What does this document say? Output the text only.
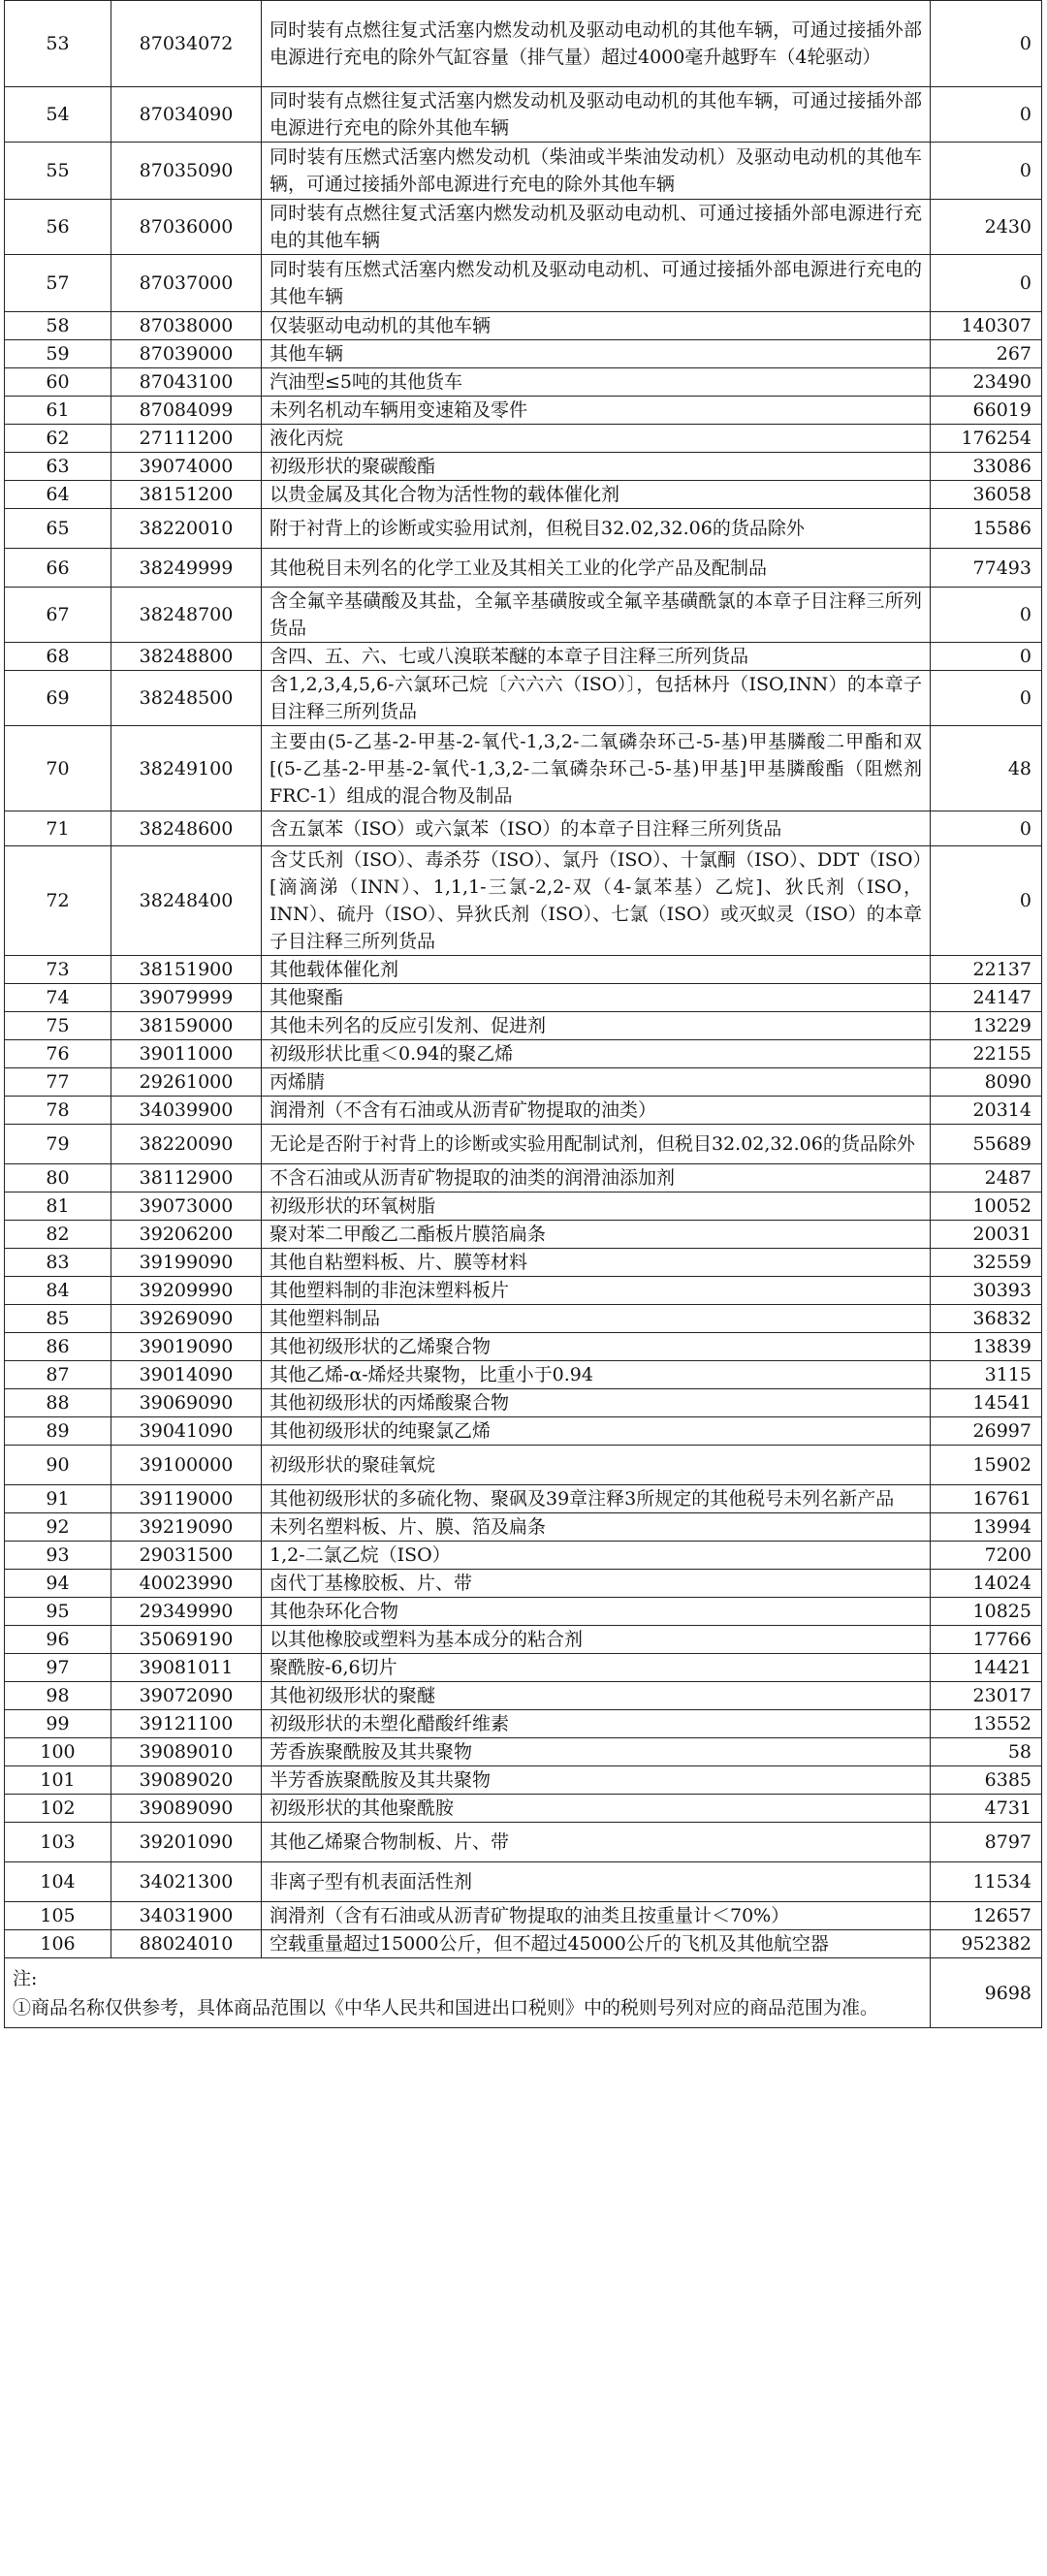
53	87034072	同时装有点燃往复式活塞内燃发动机及驱动电动机的其他车辆，可通过接插外部电源进行充电的除外气缸容量（排气量）超过4000毫升越野车（4轮驱动）	0
54	87034090	同时装有点燃往复式活塞内燃发动机及驱动电动机的其他车辆，可通过接插外部电源进行充电的除外其他车辆	0
55	87035090	同时装有压燃式活塞内燃发动机（柴油或半柴油发动机）及驱动电动机的其他车辆，可通过接插外部电源进行充电的除外其他车辆	0
56	87036000	同时装有点燃往复式活塞内燃发动机及驱动电动机、可通过接插外部电源进行充电的其他车辆	2430
57	87037000	同时装有压燃式活塞内燃发动机及驱动电动机、可通过接插外部电源进行充电的其他车辆	0
58	87038000	仅装驱动电动机的其他车辆	140307
59	87039000	其他车辆	267
60	87043100	汽油型≤5吨的其他货车	23490
61	87084099	未列名机动车辆用变速箱及零件	66019
62	27111200	液化丙烷	176254
63	39074000	初级形状的聚碳酸酯	33086
64	38151200	以贵金属及其化合物为活性物的载体催化剂	36058
65	38220010	附于衬背上的诊断或实验用试剂，但税目32.02,32.06的货品除外	15586
66	38249999	其他税目未列名的化学工业及其相关工业的化学产品及配制品	77493
67	38248700	含全氟辛基磺酸及其盐，全氟辛基磺胺或全氟辛基磺酰氯的本章子目注释三所列货品	0
68	38248800	含四、五、六、七或八溴联苯醚的本章子目注释三所列货品	0
69	38248500	含1,2,3,4,5,6-六氯环己烷〔六六六（ISO）〕，包括林丹（ISO,INN）的本章子目注释三所列货品	0
70	38249100	主要由(5-乙基-2-甲基-2-氧代-1,3,2-二氧磷杂环己-5-基)甲基膦酸二甲酯和双[(5-乙基-2-甲基-2-氧代-1,3,2-二氧磷杂环己-5-基)甲基]甲基膦酸酯（阻燃剂 FRC-1）组成的混合物及制品	48
71	38248600	含五氯苯（ISO）或六氯苯（ISO）的本章子目注释三所列货品	0
72	38248400	含艾氏剂（ISO）、毒杀芬（ISO）、氯丹（ISO）、十氯酮（ISO）、DDT（ISO）[滴滴涕（INN）、1,1,1-三氯-2,2-双（4-氯苯基）乙烷]、狄氏剂（ISO，INN）、硫丹（ISO）、异狄氏剂（ISO）、七氯（ISO）或灭蚁灵（ISO）的本章子目注释三所列货品	0
73	38151900	其他载体催化剂	22137
74	39079999	其他聚酯	24147
75	38159000	其他未列名的反应引发剂、促进剂	13229
76	39011000	初级形状比重＜0.94的聚乙烯	22155
77	29261000	丙烯腈	8090
78	34039900	润滑剂（不含有石油或从沥青矿物提取的油类）	20314
79	38220090	无论是否附于衬背上的诊断或实验用配制试剂，但税目32.02,32.06的货品除外	55689
80	38112900	不含石油或从沥青矿物提取的油类的润滑油添加剂	2487
81	39073000	初级形状的环氧树脂	10052
82	39206200	聚对苯二甲酸乙二酯板片膜箔扁条	20031
83	39199090	其他自粘塑料板、片、膜等材料	32559
84	39209990	其他塑料制的非泡沫塑料板片	30393
85	39269090	其他塑料制品	36832
86	39019090	其他初级形状的乙烯聚合物	13839
87	39014090	其他乙烯-α-烯烃共聚物，比重小于0.94	3115
88	39069090	其他初级形状的丙烯酸聚合物	14541
89	39041090	其他初级形状的纯聚氯乙烯	26997
90	39100000	初级形状的聚硅氧烷	15902
91	39119000	其他初级形状的多硫化物、聚砜及39章注释3所规定的其他税号未列名新产品	16761
92	39219090	未列名塑料板、片、膜、箔及扁条	13994
93	29031500	1,2-二氯乙烷（ISO）	7200
94	40023990	卤代丁基橡胶板、片、带	14024
95	29349990	其他杂环化合物	10825
96	35069190	以其他橡胶或塑料为基本成分的粘合剂	17766
97	39081011	聚酰胺-6,6切片	14421
98	39072090	其他初级形状的聚醚	23017
99	39121100	初级形状的未塑化醋酸纤维素	13552
100	39089010	芳香族聚酰胺及其共聚物	58
101	39089020	半芳香族聚酰胺及其共聚物	6385
102	39089090	初级形状的其他聚酰胺	4731
103	39201090	其他乙烯聚合物制板、片、带	8797
104	34021300	非离子型有机表面活性剂	11534
105	34031900	润滑剂（含有石油或从沥青矿物提取的油类且按重量计＜70%）	12657
106	88024010	空载重量超过15000公斤，但不超过45000公斤的飞机及其他航空器	952382

注:
①商品名称仅供参考，具体商品范围以《中华人民共和国进出口税则》中的税则号列对应的商品范围为准。			9698
